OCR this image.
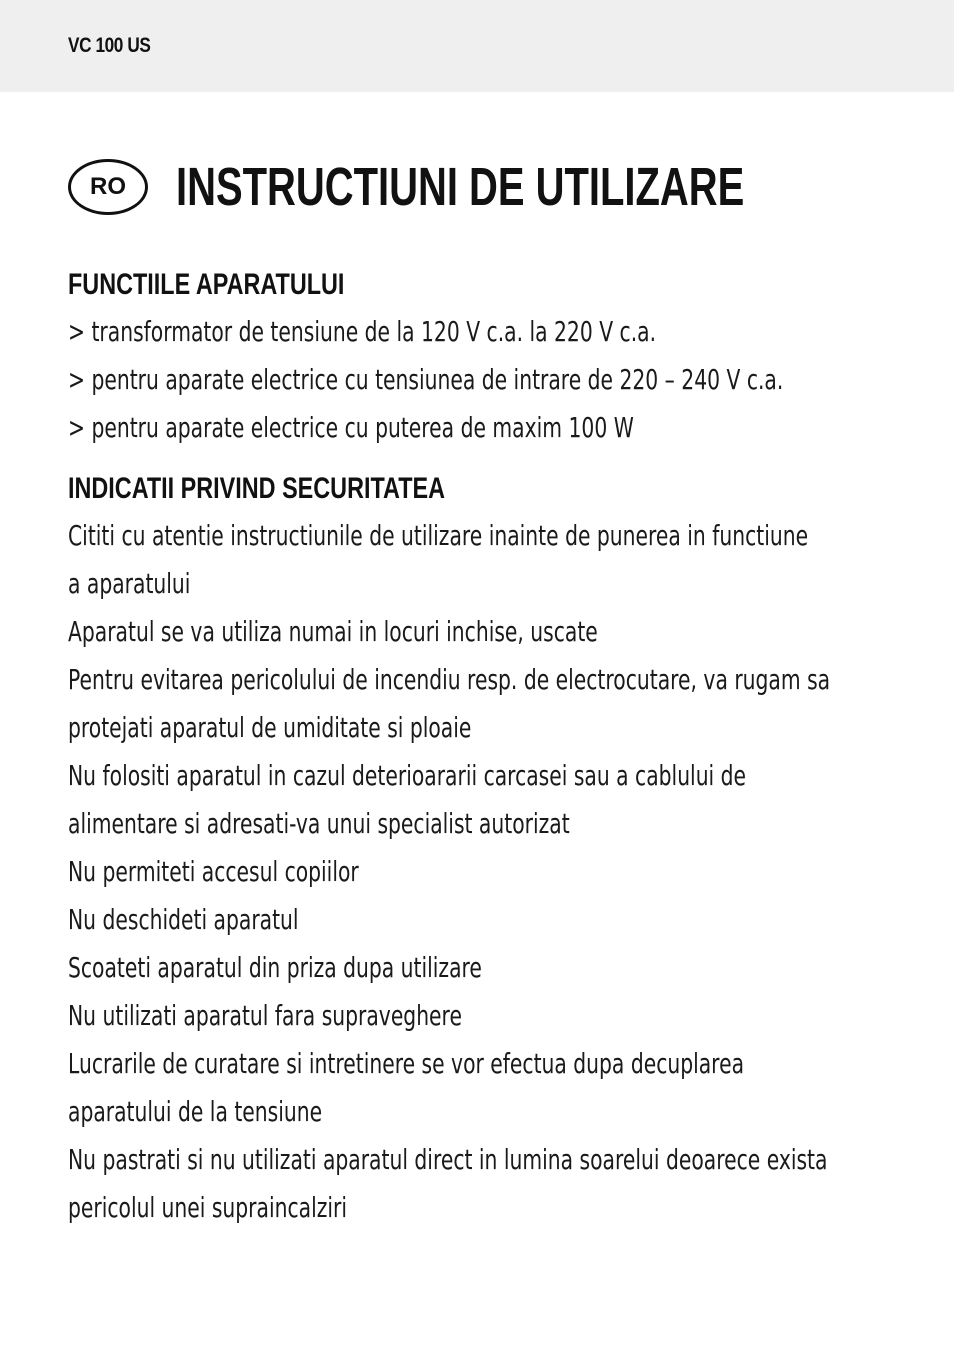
VC 100 US
RO INSTRUCTIUNI DE UTILIZARE
FUNCTIILE APARATULUI
> transformator de tensiune de la 120 V c.a. la 220 V c.a.
> pentru aparate electrice cu tensiunea de intrare de 220 – 240 V c.a.
> pentru aparate electrice cu puterea de maxim 100 W
INDICATII PRIVIND SECURITATEA
Cititi cu atentie instructiunile de utilizare inainte de punerea in functiune
a aparatului
Aparatul se va utiliza numai in locuri inchise, uscate
Pentru evitarea pericolului de incendiu resp. de electrocutare, va rugam sa
protejati aparatul de umiditate si ploaie
Nu folositi aparatul in cazul deterioararii carcasei sau a cablului de
alimentare si adresati-va unui specialist autorizat
Nu permiteti accesul copiilor
Nu deschideti aparatul
Scoateti aparatul din priza dupa utilizare
Nu utilizati aparatul fara supraveghere
Lucrarile de curatare si intretinere se vor efectua dupa decuplarea
aparatului de la tensiune
Nu pastrati si nu utilizati aparatul direct in lumina soarelui deoarece exista
pericolul unei supraincalziri
